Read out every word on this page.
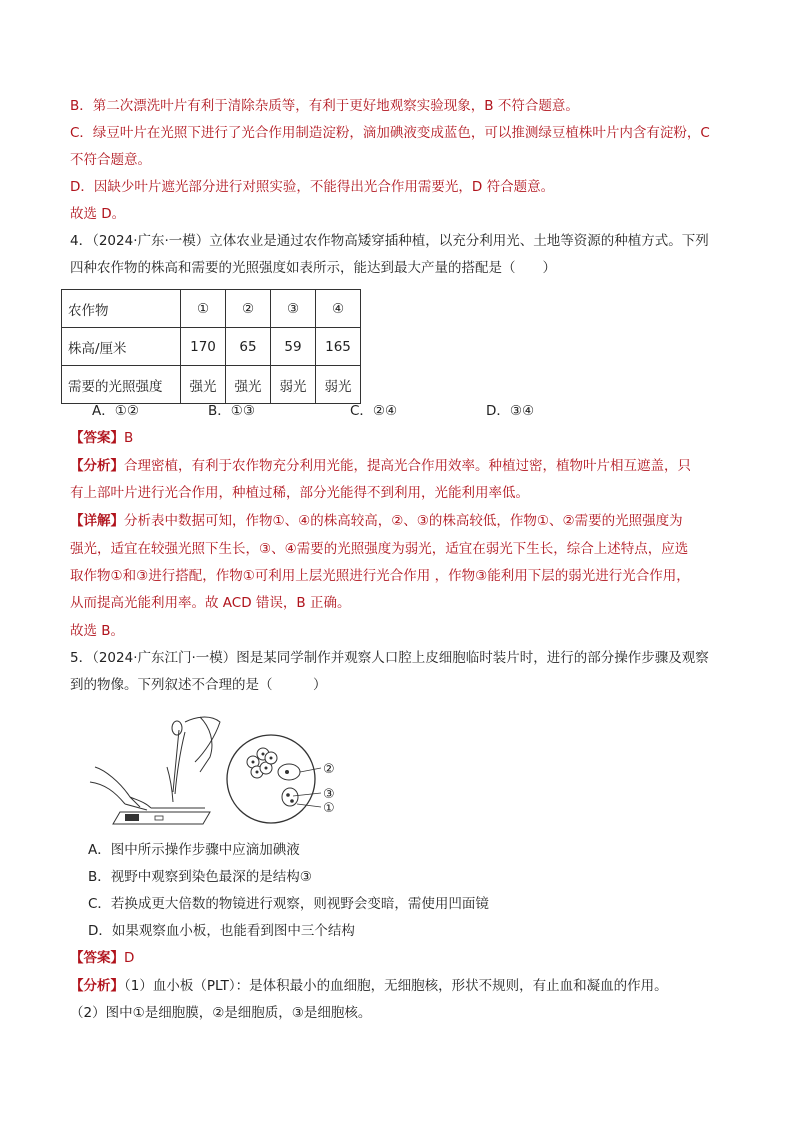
B．第二次漂洗叶片有利于清除杂质等，有利于更好地观察实验现象，B 不符合题意。
C．绿豆叶片在光照下进行了光合作用制造淀粉，滴加碘液变成蓝色，可以推测绿豆植株叶片内含有淀粉，C
不符合题意。
D．因缺少叶片遮光部分进行对照实验，不能得出光合作用需要光，D 符合题意。
故选 D。
4．（2024·广东·一模）立体农业是通过农作物高矮穿插种植，以充分利用光、土地等资源的种植方式。下列
四种农作物的株高和需要的光照强度如表所示，能达到最大产量的搭配是（　　）
农作物	①	②	③	④
株高/厘米	170	65	59	165
需要的光照强度	强光	强光	弱光	弱光
A．①②	B．①③	C．②④	D．③④
【答案】B
【分析】合理密植，有利于农作物充分利用光能，提高光合作用效率。种植过密，植物叶片相互遮盖，只
有上部叶片进行光合作用，种植过稀，部分光能得不到利用，光能利用率低。
【详解】分析表中数据可知，作物①、④的株高较高，②、③的株高较低，作物①、②需要的光照强度为
强光，适宜在较强光照下生长，③、④需要的光照强度为弱光，适宜在弱光下生长，综合上述特点，应选
取作物①和③进行搭配，作物①可利用上层光照进行光合作用 ，作物③能利用下层的弱光进行光合作用，
从而提高光能利用率。故 ACD 错误，B 正确。
故选 B。
5．（2024·广东江门·一模）图是某同学制作并观察人口腔上皮细胞临时装片时，进行的部分操作步骤及观察
到的物像。下列叙述不合理的是（　　　）
②
③
①
A．图中所示操作步骤中应滴加碘液
B．视野中观察到染色最深的是结构③
C．若换成更大倍数的物镜进行观察，则视野会变暗，需使用凹面镜
D．如果观察血小板，也能看到图中三个结构
【答案】D
【分析】（1）血小板（PLT）：是体积最小的血细胞，无细胞核，形状不规则，有止血和凝血的作用。
（2）图中①是细胞膜，②是细胞质，③是细胞核。
